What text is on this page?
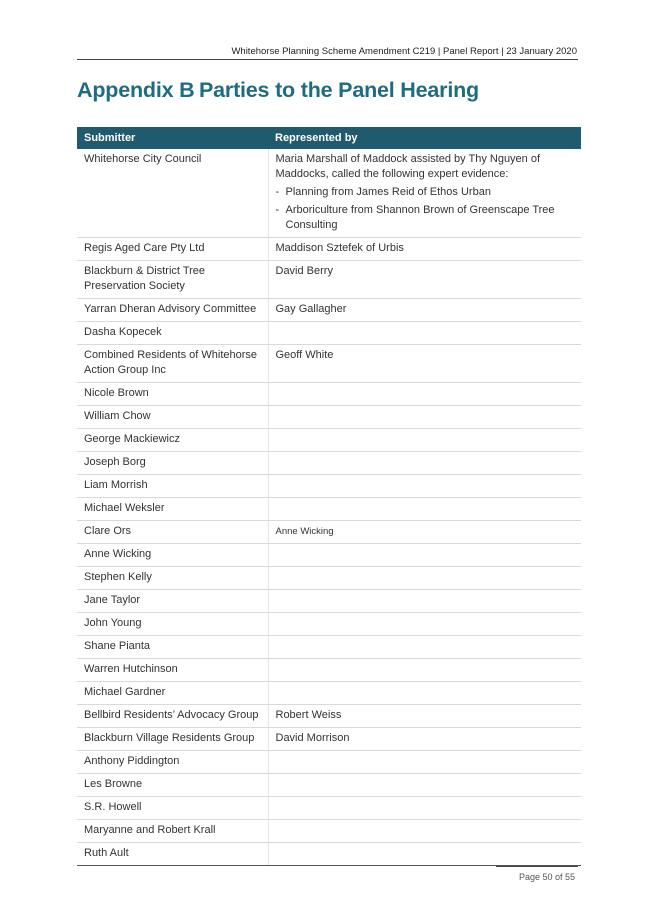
Whitehorse Planning Scheme Amendment C219 | Panel Report | 23 January 2020
Appendix B Parties to the Panel Hearing
Submitter	Represented by
Whitehorse City Council	Maria Marshall of Maddock assisted by Thy Nguyen of Maddocks, called the following expert evidence:
- Planning from James Reid of Ethos Urban
- Arboriculture from Shannon Brown of Greenscape Tree Consulting

Regis Aged Care Pty Ltd	Maddison Sztefek of Urbis
Blackburn & District Tree Preservation Society	David Berry
Yarran Dheran Advisory Committee	Gay Gallagher
Dasha Kopecek	
Combined Residents of Whitehorse Action Group Inc	Geoff White
Nicole Brown	
William Chow	
George Mackiewicz	
Joseph Borg	
Liam Morrish	
Michael Weksler	
Clare Ors	Anne Wicking
Anne Wicking	
Stephen Kelly	
Jane Taylor	
John Young	
Shane Pianta	
Warren Hutchinson	
Michael Gardner	
Bellbird Residents’ Advocacy Group	Robert Weiss
Blackburn Village Residents Group	David Morrison
Anthony Piddington	
Les Browne	
S.R. Howell	
Maryanne and Robert Krall	
Ruth Ault	
Page 50 of 55
